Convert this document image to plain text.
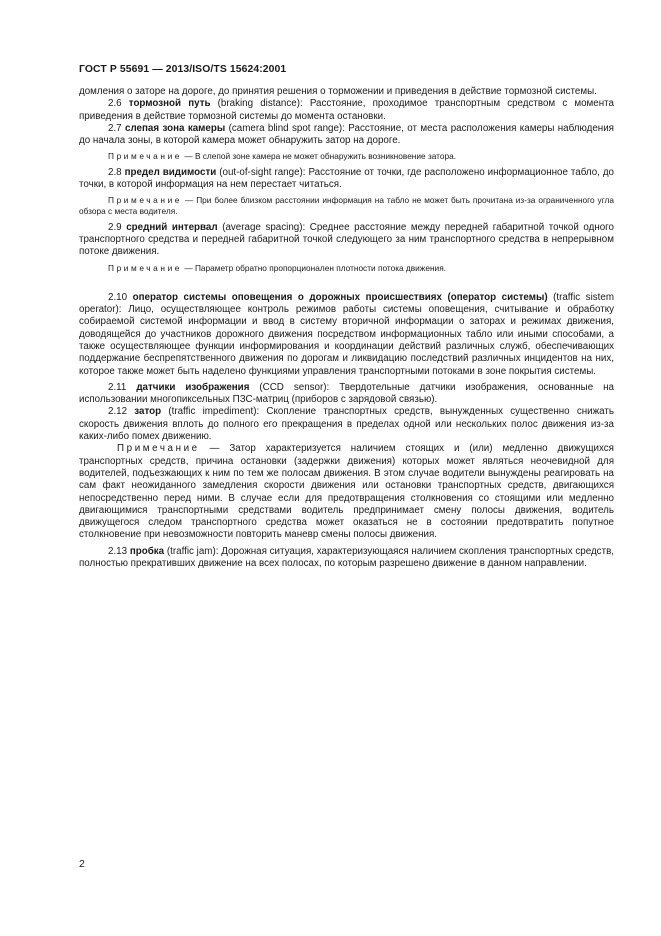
ГОСТ Р 55691 — 2013/ISO/TS 15624:2001

домления о заторе на дороге, до принятия решения о торможении и приведения в действие тормозной системы.

2.6 тормозной путь (braking distance): Расстояние, проходимое транспортным средством с момента приведения в действие тормозной системы до момента остановки.

2.7 слепая зона камеры (camera blind spot range): Расстояние, от места расположения камеры наблюдения до начала зоны, в которой камера может обнаружить затор на дороге.

Примечание — В слепой зоне камера не может обнаружить возникновение затора.

2.8 предел видимости (out-of-sight range): Расстояние от точки, где расположено информационное табло, до точки, в которой информация на нем перестает читаться.

Примечание — При более близком расстоянии информация на табло не может быть прочитана из-за ограниченного угла обзора с места водителя.

2.9 средний интервал (average spacing): Среднее расстояние между передней габаритной точкой одного транспортного средства и передней габаритной точкой следующего за ним транспортного средства в непрерывном потоке движения.

Примечание — Параметр обратно пропорционален плотности потока движения.

2.10 оператор системы оповещения о дорожных происшествиях (оператор системы) (traffic sistem operator): Лицо, осуществляющее контроль режимов работы системы оповещения, считывание и обработку собираемой системой информации и ввод в систему вторичной информации о заторах и режимах движения, доводящейся до участников дорожного движения посредством информационных табло или иными способами, а также осуществляющее функции информирования и координации действий различных служб, обеспечивающих поддержание беспрепятственного движения по дорогам и ликвидацию последствий различных инцидентов на них, которое также может быть наделено функциями управления транспортными потоками в зоне покрытия системы.

2.11 датчики изображения (CCD sensor): Твердотельные датчики изображения, основанные на использовании многопиксельных ПЗС-матриц (приборов с зарядовой связью).

2.12 затор (traffic impediment): Скопление транспортных средств, вынужденных существенно снижать скорость движения вплоть до полного его прекращения в пределах одной или нескольких полос движения из-за каких-либо помех движению.

Примечание — Затор характеризуется наличием стоящих и (или) медленно движущихся транспортных средств, причина остановки (задержки движения) которых может являться неочевидной для водителей, подъезжающих к ним по тем же полосам движения. В этом случае водители вынуждены реагировать на сам факт неожиданного замедления скорости движения или остановки транспортных средств, двигающихся непосредственно перед ними. В случае если для предотвращения столкновения со стоящими или медленно двигающимися транспортными средствами водитель предпринимает смену полосы движения, водитель движущегося следом транспортного средства может оказаться не в состоянии предотвратить попутное столкновение при невозможности повторить маневр смены полосы движения.

2.13 пробка (traffic jam): Дорожная ситуация, характеризующаяся наличием скопления транспортных средств, полностью прекративших движение на всех полосах, по которым разрешено движение в данном направлении.

2
